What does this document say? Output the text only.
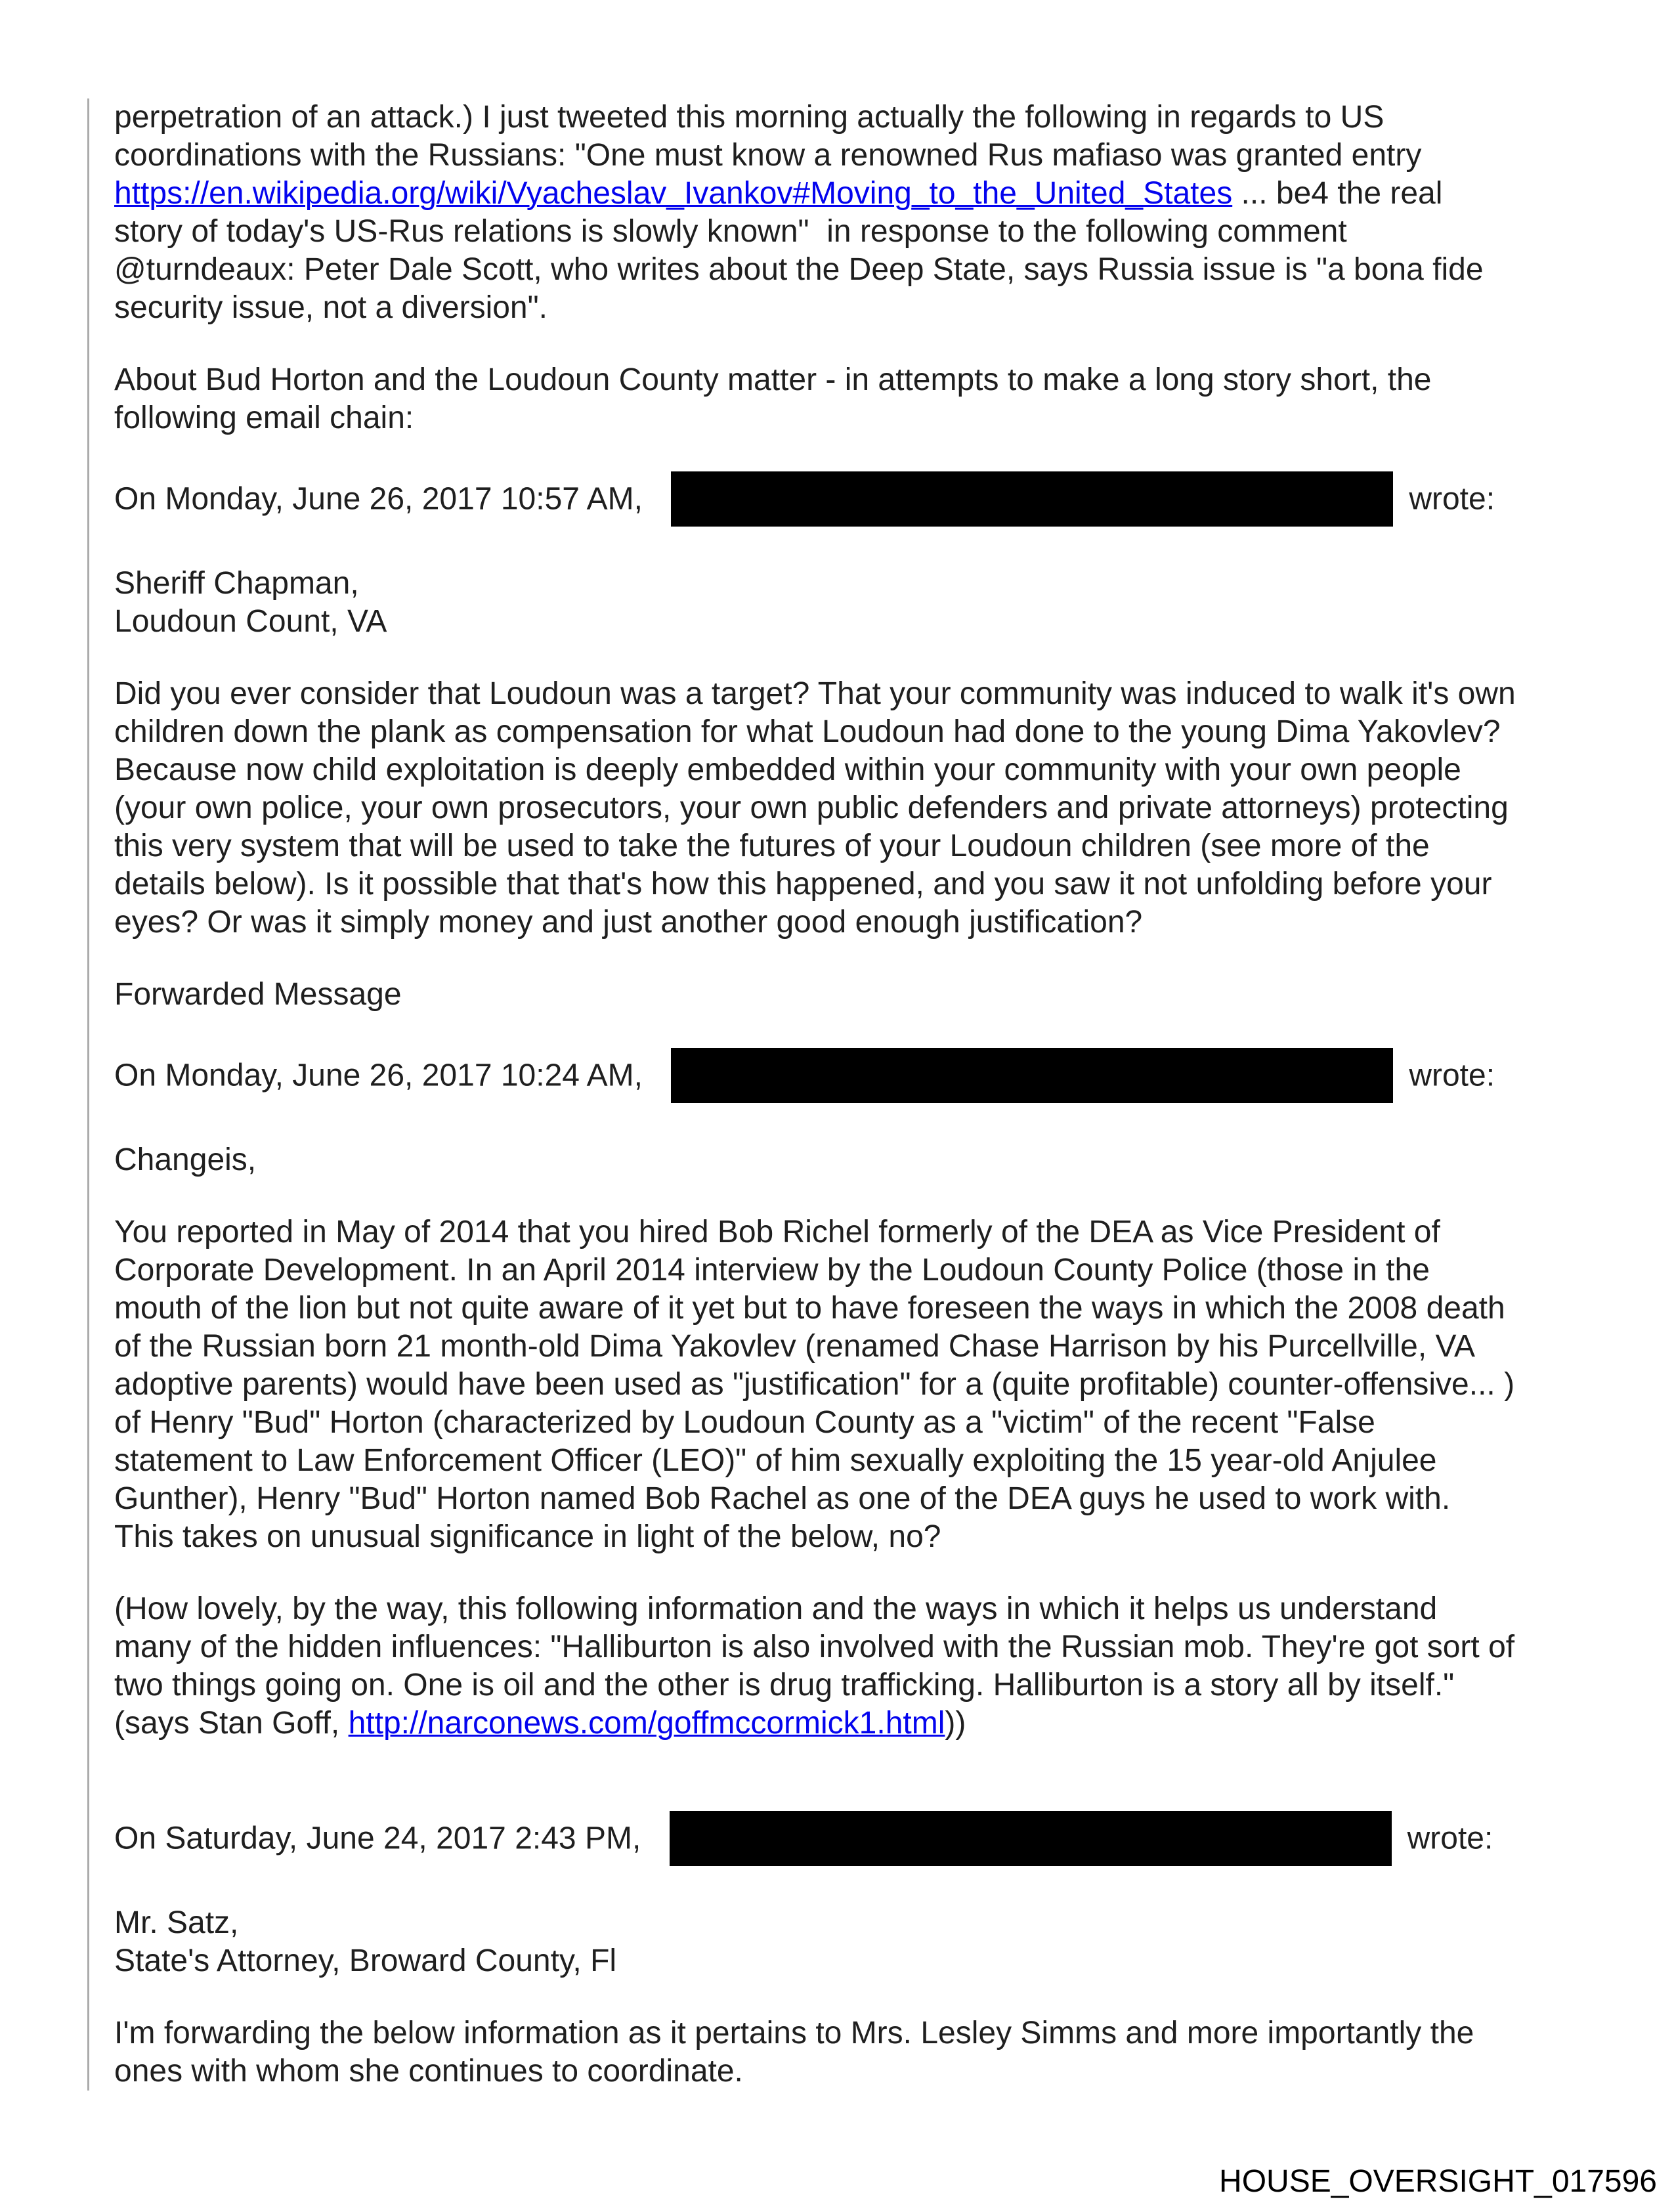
perpetration of an attack.) I just tweeted this morning actually the following in regards to US
coordinations with the Russians: "One must know a renowned Rus mafiaso was granted entry
https://en.wikipedia.org/wiki/Vyacheslav_Ivankov#Moving_to_the_United_States ... be4 the real
story of today's US-Rus relations is slowly known"  in response to the following comment
@turndeaux: Peter Dale Scott, who writes about the Deep State, says Russia issue is "a bona fide
security issue, not a diversion".
About Bud Horton and the Loudoun County matter - in attempts to make a long story short, the
following email chain:
On Monday, June 26, 2017 10:57 AM,	wrote:
Sheriff Chapman,
Loudoun Count, VA
Did you ever consider that Loudoun was a target? That your community was induced to walk it's own
children down the plank as compensation for what Loudoun had done to the young Dima Yakovlev?
Because now child exploitation is deeply embedded within your community with your own people
(your own police, your own prosecutors, your own public defenders and private attorneys) protecting
this very system that will be used to take the futures of your Loudoun children (see more of the
details below). Is it possible that that's how this happened, and you saw it not unfolding before your
eyes? Or was it simply money and just another good enough justification?
Forwarded Message
On Monday, June 26, 2017 10:24 AM,	wrote:
Changeis,
You reported in May of 2014 that you hired Bob Richel formerly of the DEA as Vice President of
Corporate Development. In an April 2014 interview by the Loudoun County Police (those in the
mouth of the lion but not quite aware of it yet but to have foreseen the ways in which the 2008 death
of the Russian born 21 month-old Dima Yakovlev (renamed Chase Harrison by his Purcellville, VA
adoptive parents) would have been used as "justification" for a (quite profitable) counter-offensive... )
of Henry "Bud" Horton (characterized by Loudoun County as a "victim" of the recent "False
statement to Law Enforcement Officer (LEO)" of him sexually exploiting the 15 year-old Anjulee
Gunther), Henry "Bud" Horton named Bob Rachel as one of the DEA guys he used to work with.
This takes on unusual significance in light of the below, no?
(How lovely, by the way, this following information and the ways in which it helps us understand
many of the hidden influences: "Halliburton is also involved with the Russian mob. They're got sort of
two things going on. One is oil and the other is drug trafficking. Halliburton is a story all by itself."
(says Stan Goff, http://narconews.com/goffmccormick1.html))
On Saturday, June 24, 2017 2:43 PM,	wrote:
Mr. Satz,
State's Attorney, Broward County, Fl
I'm forwarding the below information as it pertains to Mrs. Lesley Simms and more importantly the
ones with whom she continues to coordinate.
HOUSE_OVERSIGHT_017596
